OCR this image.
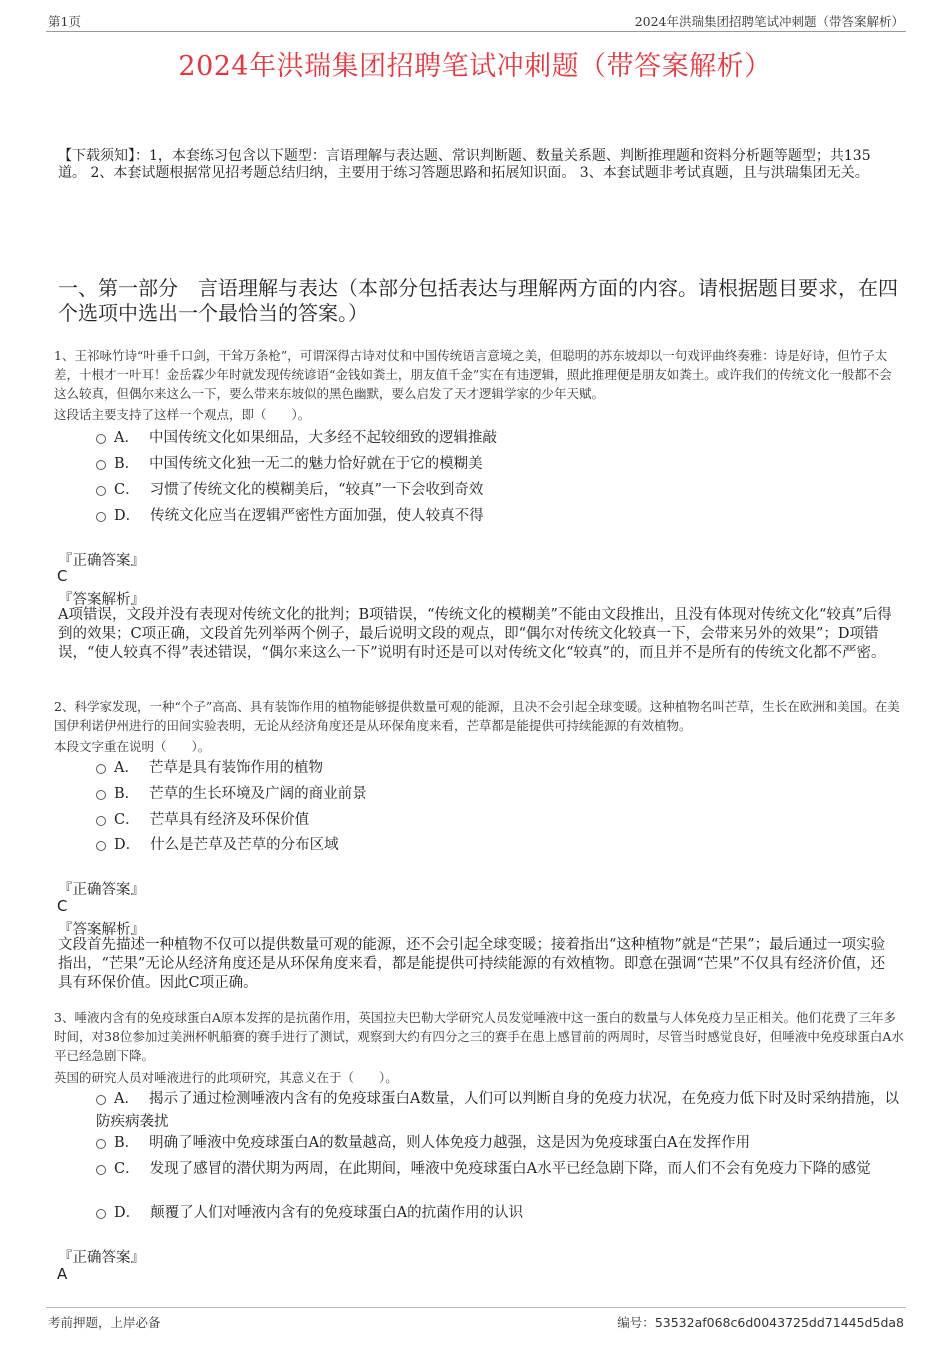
第1页	2024年洪瑞集团招聘笔试冲刺题（带答案解析）
2024年洪瑞集团招聘笔试冲刺题（带答案解析）
【下载须知】：1，本套练习包含以下题型：言语理解与表达题、常识判断题、数量关系题、判断推理题和资料分析题等题型；共135道。 2、本套试题根据常见招考题总结归纳，主要用于练习答题思路和拓展知识面。 3、本套试题非考试真题，且与洪瑞集团无关。
一、第一部分　言语理解与表达（本部分包括表达与理解两方面的内容。请根据题目要求，在四个选项中选出一个最恰当的答案。）
1、王祁咏竹诗“叶垂千口剑，干耸万条枪”，可谓深得古诗对仗和中国传统语言意境之美，但聪明的苏东坡却以一句戏评曲终奏雅：诗是好诗，但竹子太差，十根才一叶耳！金岳霖少年时就发现传统谚语“金钱如粪土，朋友值千金”实在有违逻辑，照此推理便是朋友如粪土。或许我们的传统文化一般都不会这么较真，但偶尔来这么一下，要么带来东坡似的黑色幽默，要么启发了天才逻辑学家的少年天赋。
这段话主要支持了这样一个观点，即（　　）。
A． 中国传统文化如果细品，大多经不起较细致的逻辑推敲
B． 中国传统文化独一无二的魅力恰好就在于它的模糊美
C． 习惯了传统文化的模糊美后，“较真”一下会收到奇效
D． 传统文化应当在逻辑严密性方面加强，使人较真不得
『正确答案』
C
『答案解析』
A项错误，文段并没有表现对传统文化的批判；B项错误，“传统文化的模糊美”不能由文段推出，且没有体现对传统文化“较真”后得到的效果；C项正确，文段首先列举两个例子，最后说明文段的观点，即“偶尔对传统文化较真一下，会带来另外的效果”；D项错误，“使人较真不得”表述错误，“偶尔来这么一下”说明有时还是可以对传统文化“较真”的，而且并不是所有的传统文化都不严密。
2、科学家发现，一种“个子”高高、具有装饰作用的植物能够提供数量可观的能源，且决不会引起全球变暖。这种植物名叫芒草，生长在欧洲和美国。在美国伊利诺伊州进行的田间实验表明，无论从经济角度还是从环保角度来看，芒草都是能提供可持续能源的有效植物。
本段文字重在说明（　　）。
A． 芒草是具有装饰作用的植物
B． 芒草的生长环境及广阔的商业前景
C． 芒草具有经济及环保价值
D． 什么是芒草及芒草的分布区域
『正确答案』
C
『答案解析』
文段首先描述一种植物不仅可以提供数量可观的能源，还不会引起全球变暖；接着指出“这种植物”就是“芒果”；最后通过一项实验指出，“芒果”无论从经济角度还是从环保角度来看，都是能提供可持续能源的有效植物。即意在强调“芒果”不仅具有经济价值，还具有环保价值。因此C项正确。
3、唾液内含有的免疫球蛋白A原本发挥的是抗菌作用，英国拉夫巴勒大学研究人员发觉唾液中这一蛋白的数量与人体免疫力呈正相关。他们花费了三年多时间，对38位参加过美洲杯帆船赛的赛手进行了测试，观察到大约有四分之三的赛手在患上感冒前的两周时，尽管当时感觉良好，但唾液中免疫球蛋白A水平已经急剧下降。
英国的研究人员对唾液进行的此项研究，其意义在于（　　）。
A． 揭示了通过检测唾液内含有的免疫球蛋白A数量，人们可以判断自身的免疫力状况，在免疫力低下时及时采纳措施，以防疾病袭扰
B． 明确了唾液中免疫球蛋白A的数量越高，则人体免疫力越强，这是因为免疫球蛋白A在发挥作用
C． 发现了感冒的潜伏期为两周，在此期间，唾液中免疫球蛋白A水平已经急剧下降，而人们不会有免疫力下降的感觉
D． 颠覆了人们对唾液内含有的免疫球蛋白A的抗菌作用的认识
『正确答案』
A
考前押题，上岸必备	编号：53532af068c6d0043725dd71445d5da8
